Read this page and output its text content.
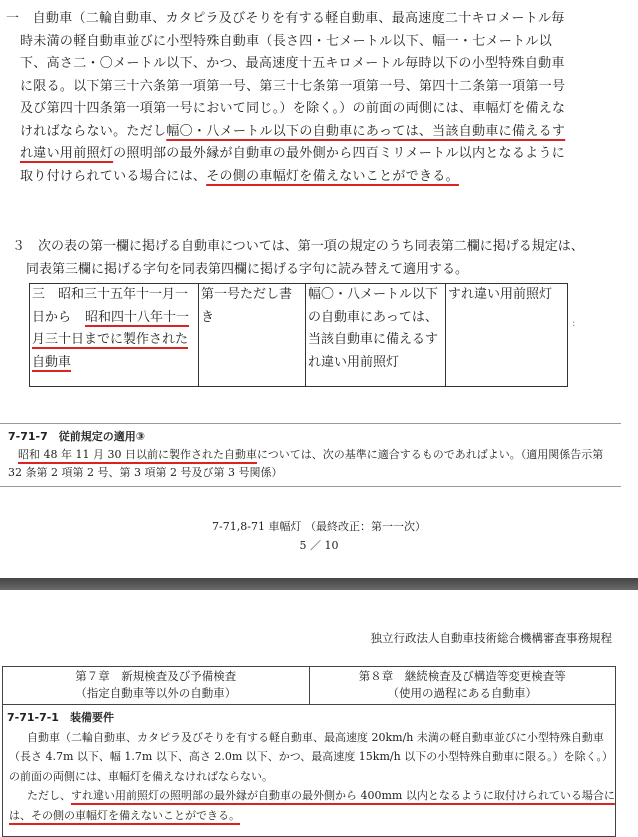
一　自動車（二輪自動車、カタピラ及びそりを有する軽自動車、最高速度二十キロメートル毎時未満の軽自動車並びに小型特殊自動車（長さ四・七メートル以下、幅一・七メートル以下、高さ二・〇メートル以下、かつ、最高速度十五キロメートル毎時以下の小型特殊自動車に限る。以下第三十六条第一項第一号、第三十七条第一項第一号、第四十二条第一項第一号及び第四十四条第一項第一号において同じ。）を除く。）の前面の両側には、車幅灯を備えなければならない。ただし幅〇・八メートル以下の自動車にあっては、当該自動車に備えるすれ違い用前照灯の照明部の最外縁が自動車の最外側から四百ミリメートル以内となるように取り付けられている場合には、その側の車幅灯を備えないことができる。

３　次の表の第一欄に掲げる自動車については、第一項の規定のうち同表第二欄に掲げる規定は、同表第三欄に掲げる字句を同表第四欄に掲げる字句に読み替えて適用する。

三　昭和三十五年十一月一日から 昭和四十八年十一月三十日までに製作された自動車	第一号ただし書き	幅〇・八メートル以下の自動車にあっては、当該自動車に備えるすれ違い用前照灯	すれ違い用前照灯
:
7-71-7　従前規定の適用③
昭和 48 年 11 月 30 日以前に製作された自動車については、次の基準に適合するものであればよい。（適用関係告示第 32 条第 2 項第 2 号、第 3 項第 2 号及び第 3 号関係）
7-71,8-71 車幅灯 （最終改正：第一一次）
5 ／ 10
独立行政法人自動車技術総合機構審査事務規程
第７章　新規検査及び予備検査
（指定自動車等以外の自動車）

第８章　継続検査及び構造等変更検査等
（使用の過程にある自動車）
7-71-7-1　装備要件

自動車（二輪自動車、カタピラ及びそりを有する軽自動車、最高速度 20km/h 未満の軽自動車並びに小型特殊自動車（長さ 4.7m 以下、幅 1.7m 以下、高さ 2.0m 以下、かつ、最高速度 15km/h 以下の小型特殊自動車に限る。）を除く。）の前面の両側には、車幅灯を備えなければならない。

ただし、すれ違い用前照灯の照明部の最外縁が自動車の最外側から 400mm 以内となるように取付けられている場合には、その側の車幅灯を備えないことができる。
